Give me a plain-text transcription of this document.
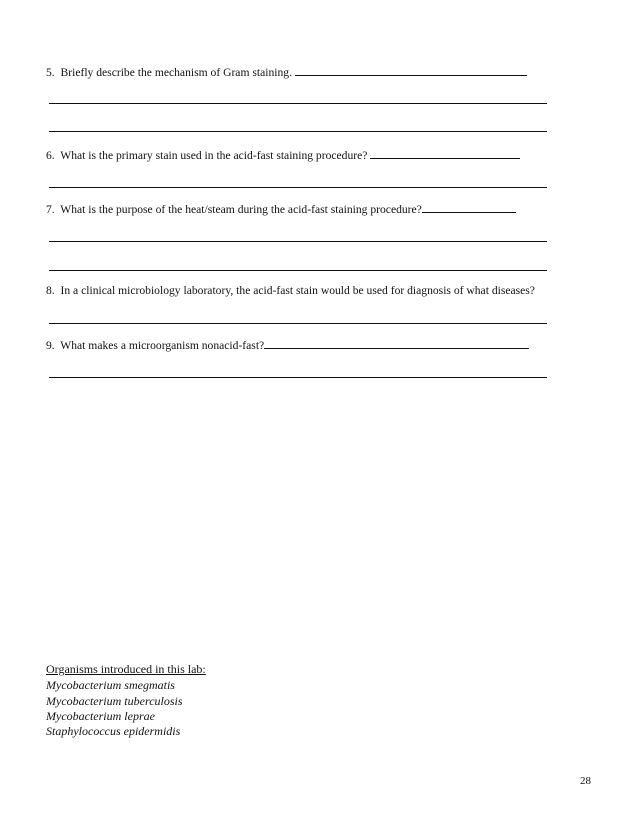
5. Briefly describe the mechanism of Gram staining.
6. What is the primary stain used in the acid-fast staining procedure?
7. What is the purpose of the heat/steam during the acid-fast staining procedure?
8. In a clinical microbiology laboratory, the acid-fast stain would be used for diagnosis of what diseases?
9. What makes a microorganism nonacid-fast?
Organisms introduced in this lab:
Mycobacterium smegmatis
Mycobacterium tuberculosis
Mycobacterium leprae
Staphylococcus epidermidis
28
